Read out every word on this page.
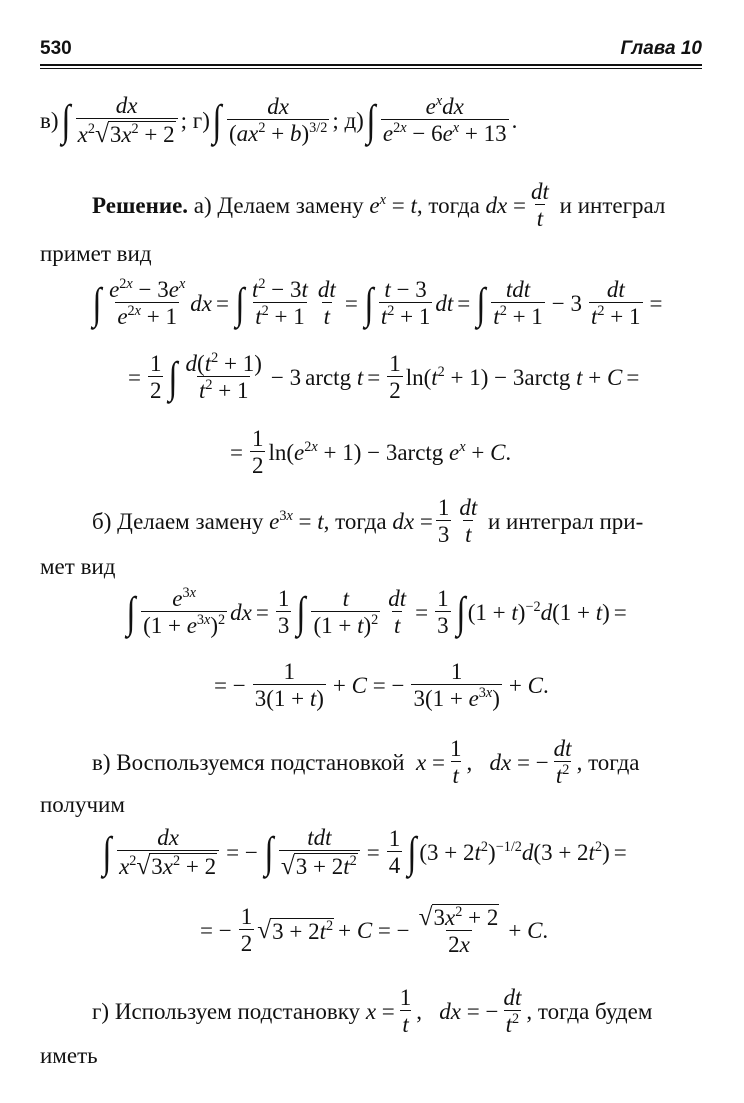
530	Глава 10
в) ∫ dx
$x^2$ √ $3x^2 + 2$
; г) ∫ dx
$(ax^2 + b)^{3/2}$ ; д) ∫ $e^xdx$
$e^{2x} - 6e^x + 13$
.
Решение.
а) Делаем замену $e^x = t$ , тогда dx = $\frac{dt}{t}$
и интеграл
примет вид
∫ $e^{2x} - 3e^x$
$e^{2x} + 1$
dx = ∫ $t^2 - 3t$
$t^2 + 1 \frac{dt}{t}$ = ∫ t − 3
$t^2 + 1$
dt = ∫ tdt
$t^2 + 1$
− $3 \frac{dt}{t^2 + 1}$ =
= $\frac{1}{2}$ ∫ $d(t^2 + 1)$
$t^2 + 1$
− 3 arctg $t = \frac{1}{2}$ $\ln (t^2 + 1) - 3$ arctg t + C =
= $\frac{1}{2}$ $\ln (e^{2x} + 1) - 3$ arctg $e^x + C$.
б) Делаем замену $e^{3x} = t$ , тогда dx = $\frac{1}{3}$ dt
t

и интеграл при-
мет вид
∫ $e^{3x}$
$(1 + e^{3x})^2$ dx = $\frac{1}{3}$ ∫ t
$(1 + t)^2 \frac{dt}{t} = \frac{1}{3}$ ∫ $(1 + t)^{-2}d(1 + t)$ =
= − $\frac{1}{3(1 + t)} + C$ = − $\frac{1}{3(1 + e^{3x})} + C$.
в) Воспользуемся подстановкой $x = \frac{1}{t}$ , dx = − $\frac{dt}{t^2}$ , тогда
получим
∫ $\frac{dx}{x^2 √ 3x^2 + 2}$ = − ∫ tdt
√ $3 + 2t^2 = \frac{1}{4}$ ∫ $(3 + 2t^2)^{-1/2}d(3 + 2t^2)$ =
= − $\frac{1}{2}$ √ $3 + 2t^2 + C$ = − $\frac{√ 3x^2 + 2}{2x} + C$.
г) Используем подстановку $x = \frac{1}{t}$ , dx = − $\frac{dt}{t^2}$ , тогда будем
иметь
